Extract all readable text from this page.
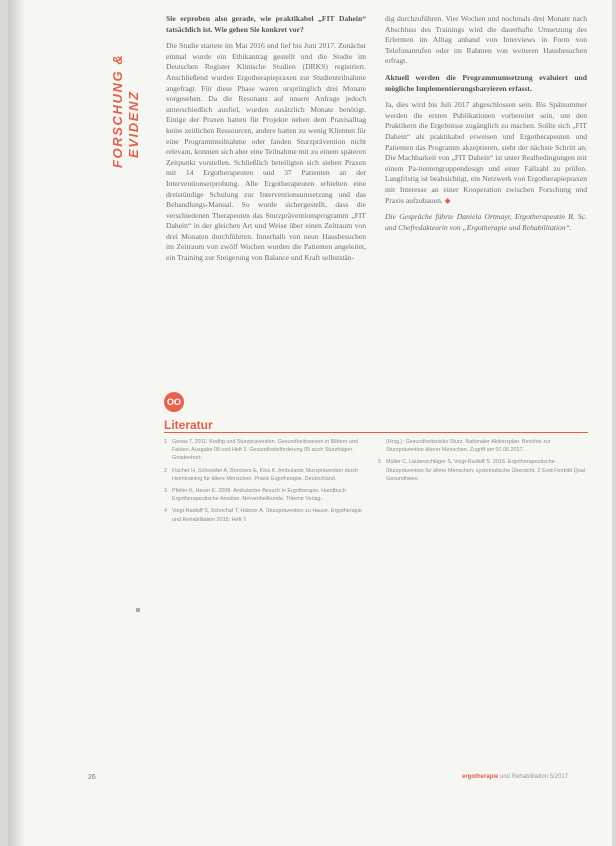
FORSCHUNG & EVIDENZ

Sie erproben also gerade, wie praktikabel „FIT Dahein“ tatsächlich ist. Wie gehen Sie konkret vor?

Die Studie startete im Mai 2016 und lief bis Juni 2017. Zunächst einmal wurde ein Ethikantrag gestellt und die Studie im Deutschen Register Klinische Studien (DRKS) registriert. Anschließend wurden Ergotherapiepraxen zur Studienteilnahme angefragt. Für diese Phase waren ursprünglich drei Monate vorgesehen. Da die Resonanz auf unsere Anfrage jedoch unterschiedlich ausfiel, wurden zusätzlich Monate benötigt. Einige der Praxen hatten für Projekte neben dem Praxisalltag keine zeitlichen Ressourcen, andere hatten zu wenig Klienten für eine Programmteilnahme oder fanden Sturzprävention nicht relevant, konnten sich aber eine Teilnahme mit zu einem späteren Zeitpunkt vorstellen. Schließlich beteiligten sich sieben Praxen mit 14 Ergotherapeuten und 37 Patienten an der Interventionserprobung. Alle Ergotherapeuten erhielten eine dreistündige Schulung zur Interventionsumsetzung und das Behandlungs-Manual. So wurde sichergestellt, dass die verschiedenen Therapeuten das Sturzpräventionsprogramm „FIT Dahein“ in der gleichen Art und Weise über einen Zeitraum von drei Monaten durchführten. Innerhalb von neun Hausbesuchen im Zeitraum von zwölf Wochen wurden die Patienten angeleitet, ein Training zur Steigerung von Balance und Kraft selbststän-

dig durchzuführen. Vier Wochen und nochmals drei Monate nach Abschluss des Trainings wird die dauerhafte Umsetzung des Erlernten im Alltag anhand von Interviews in Form von Telefonanrufen oder im Rahmen von weiteren Hausbesuchen erfragt.

Aktuell werden die Programmumsetzung evaluiert und mögliche Implementierungsbarrieren erfasst.

Ja, dies wird bis Juli 2017 abgeschlossen sein. Bis Spätsommer werden die ersten Publikationen vorbereitet sein, um den Praktikern die Ergebnisse zugänglich zu machen. Sollte sich „FIT Dahein“ als praktikabel erweisen und Ergotherapeuten und Patienten das Programm akzeptieren, steht der nächste Schritt an: Die Machbarkeit von „FIT Dahein“ ist unter Realbedingungen mit einem Pa-tientengruppendesign und einer Fallzahl zu prüfen. Langfristig ist beabsichtigt, ein Netzwerk von Ergotherapiepraxen mit Interesse an einer Kooperation zwischen Forschung und Praxis aufzubauen. ◆

Die Gespräche führte Daniela Ortmayr, Ergotherapeutin B. Sc. und Chefredakteurin von „Ergotherapie und Rehabilitation“.

OO
Literatur
1 Gesas T. 2011. Kraftig und Sturzprävention. Gesundheitswesen in Bildern und Fakten. Ausgabe 08 und Heft 3. Gesundheitsförderung 05 auch Sturzfolgen. Gnadenhort.
2 Fischer H, Schneider A, Borchers E, Klos K. Ambulante Sturzprävention durch Heimtraining für ältere Menschen. Praxis Ergotherapie. Deutschland.
3 Pfeifer K, Heuer E. 2008. Ambulanter Besuch in Ergotherapie. Handbuch Ergotherapeutische Ansätze. Nervenheilkunde. Thieme Verlag.
4 Voigt-Radloff S, Schochat T, Hübner A. Sturzprävention zu Hause. Ergotherapie und Rehabilitation 2015; Heft 7.
(Hrsg.): Gesundheitsrisiko Sturz. Nationaler Aktionsplan. Berichte zur Sturzprävention älterer Menschen. Zugriff am 01.06.2017.
5 Müller C, Lautenschläger S, Voigt-Radloff S. 2016. Ergotherapeutische Sturzprävention für ältere Menschen: systematische Übersicht. Z Evid Fortbild Qual Gesundhwes.
26	ergotherapie und Rehabilitation 5/2017
